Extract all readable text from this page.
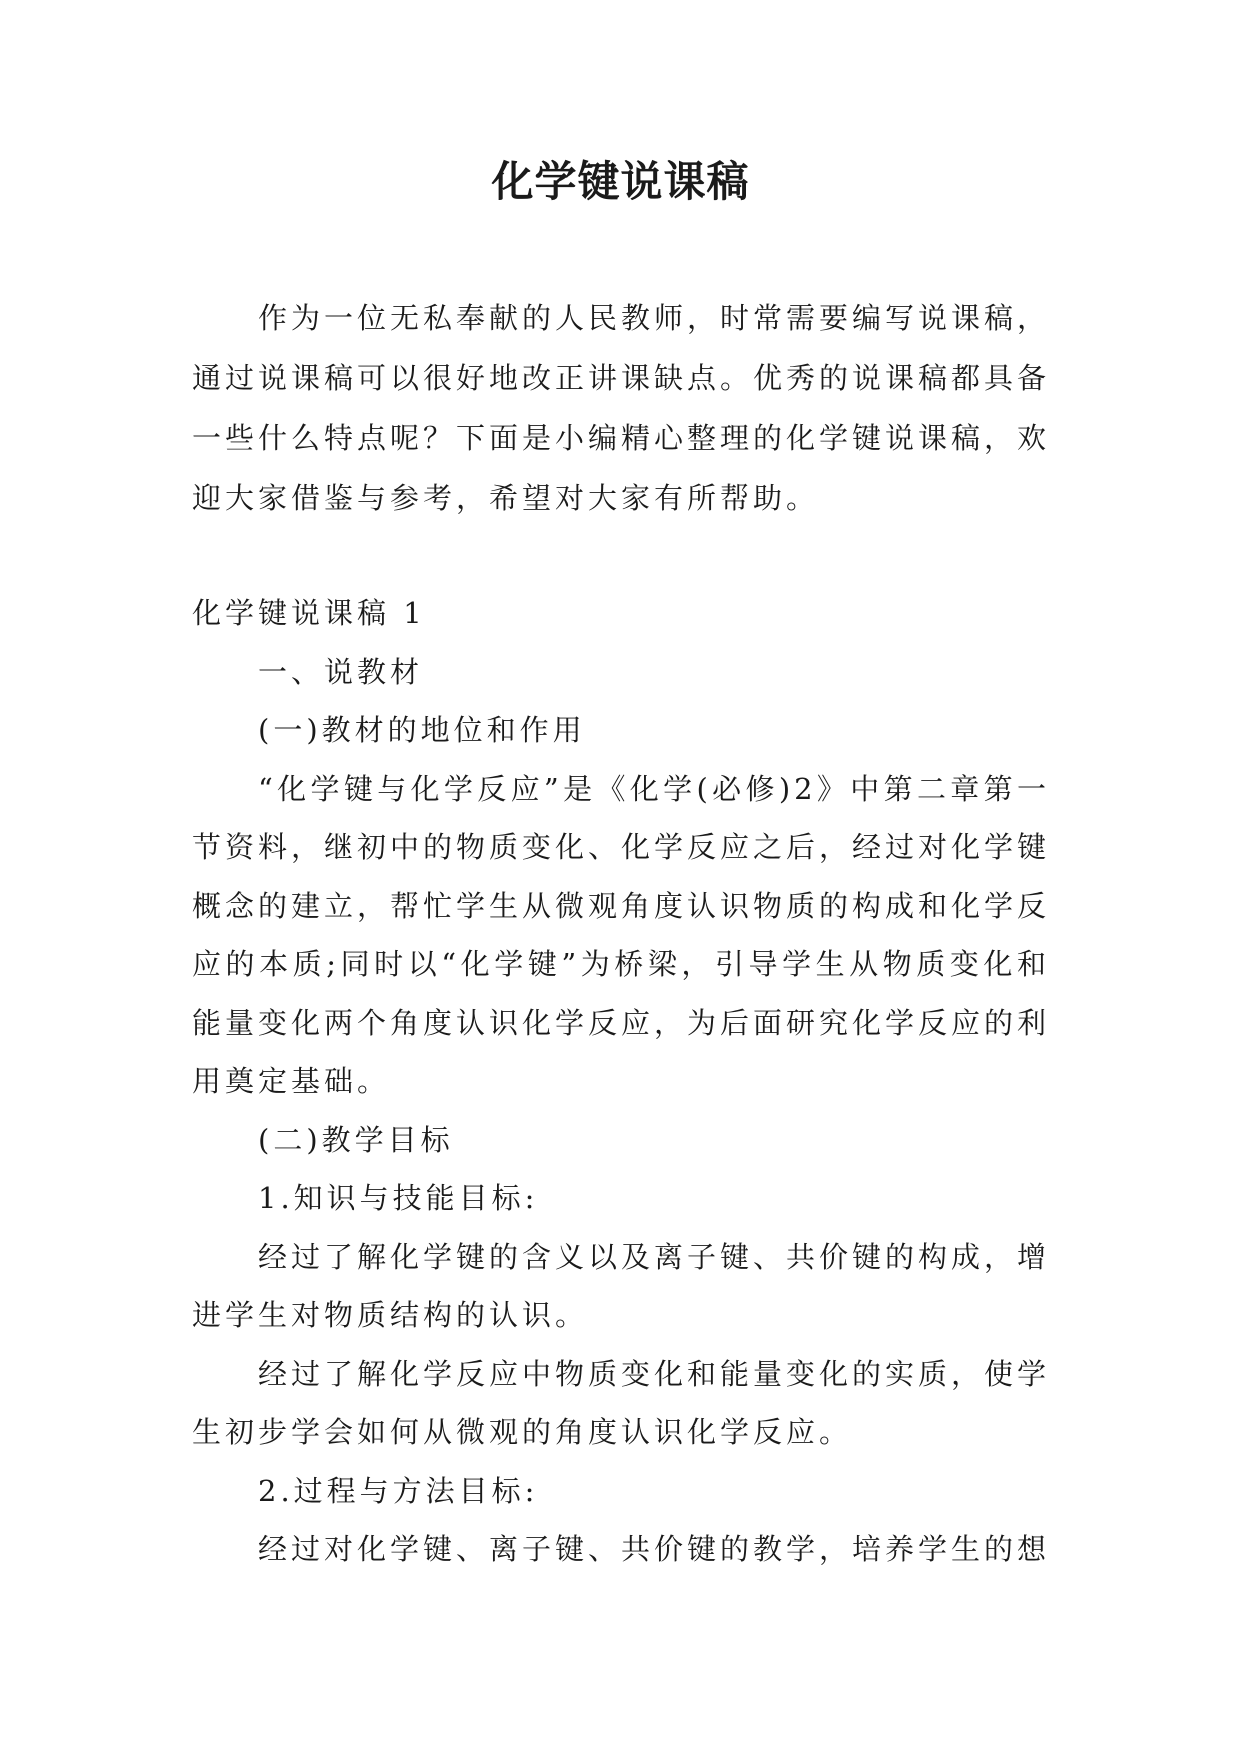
化学键说课稿

作为一位无私奉献的人民教师，时常需要编写说课稿，通过说课稿可以很好地改正讲课缺点。优秀的说课稿都具备一些什么特点呢？下面是小编精心整理的化学键说课稿，欢迎大家借鉴与参考，希望对大家有所帮助。

化学键说课稿 1

一、说教材

(一)教材的地位和作用

“化学键与化学反应”是《化学(必修)2》中第二章第一节资料，继初中的物质变化、化学反应之后，经过对化学键概念的建立，帮忙学生从微观角度认识物质的构成和化学反应的本质;同时以“化学键”为桥梁，引导学生从物质变化和能量变化两个角度认识化学反应，为后面研究化学反应的利用奠定基础。

(二)教学目标

1.知识与技能目标:

经过了解化学键的含义以及离子键、共价键的构成，增进学生对物质结构的认识。

经过了解化学反应中物质变化和能量变化的实质，使学生初步学会如何从微观的角度认识化学反应。

2.过程与方法目标:

经过对化学键、离子键、共价键的教学，培养学生的想
